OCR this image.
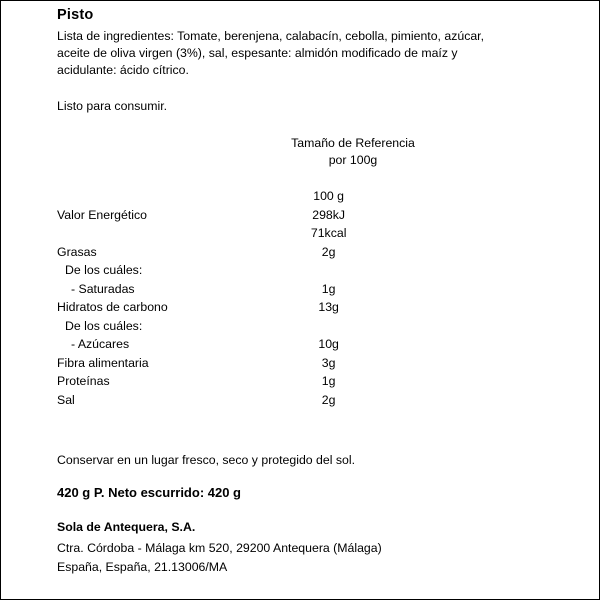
Pisto
Lista de ingredientes: Tomate, berenjena, calabacín, cebolla, pimiento, azúcar, aceite de oliva virgen (3%), sal, espesante: almidón modificado de maíz y acidulante: ácido cítrico.
Listo para consumir.
Tamaño de Referencia
por 100g
	100 g
Valor Energético	298kJ
	71kcal
Grasas	2g
De los cuáles:	
- Saturadas	1g
Hidratos de carbono	13g
De los cuáles:	
- Azúcares	10g
Fibra alimentaria	3g
Proteínas	1g
Sal	2g
Conservar en un lugar fresco, seco y protegido del sol.
420 g P. Neto escurrido: 420 g
Sola de Antequera, S.A.
Ctra. Córdoba - Málaga km 520, 29200 Antequera (Málaga)
España, España, 21.13006/MA
